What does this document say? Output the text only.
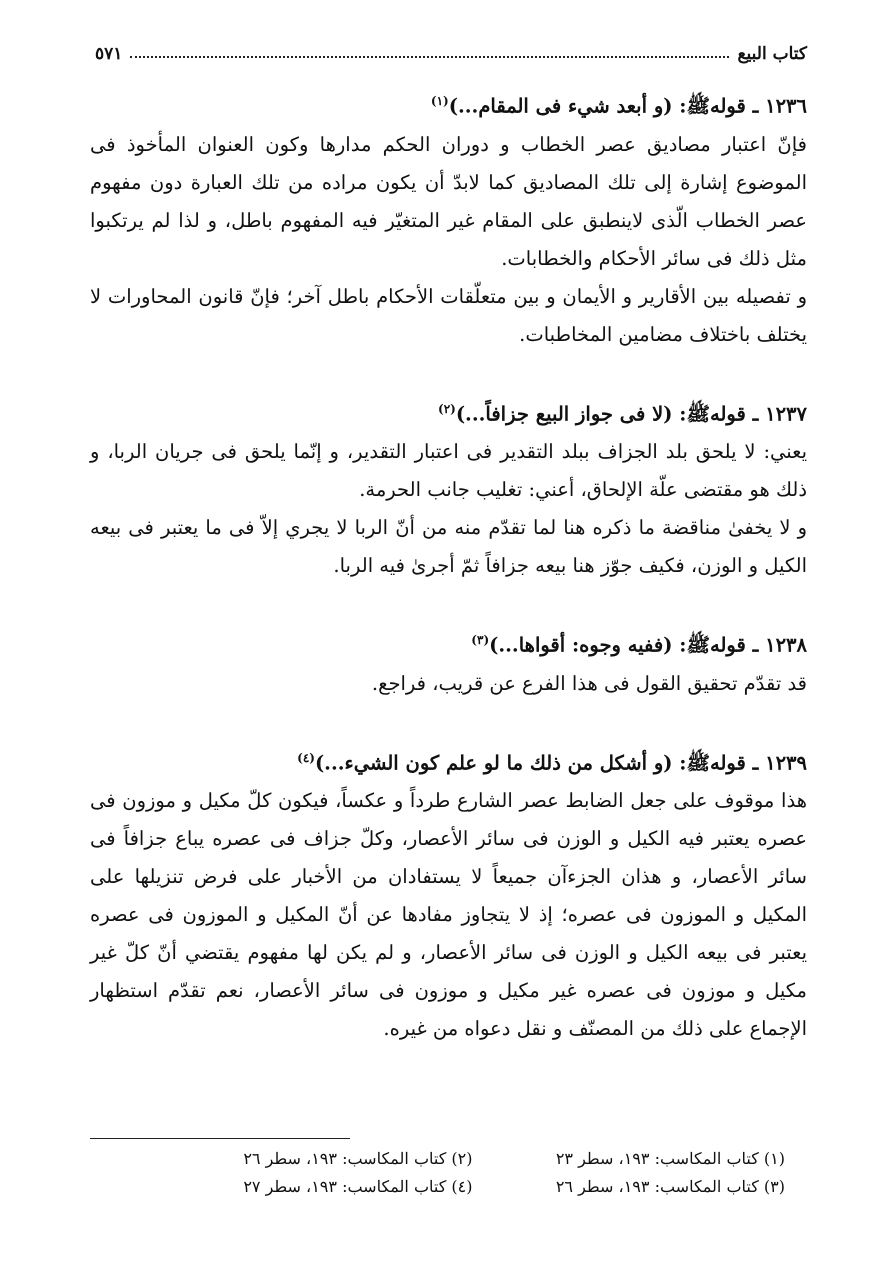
كتاب البيع
٥٧١

١٢٣٦ ـ قوله‌ﷺ: (و أبعد شي‌ء فى المقام...)$^{(١)}$

فإنّ اعتبار مصاديق عصر الخطاب و دوران الحكم مدارها وكون العنوان المأخوذ فى الموضوع إشارة إلى تلك المصاديق كما لابدّ أن يكون مراده من تلك العبارة دون مفهوم عصر الخطاب الّذى لاينطبق على المقام غير المتغيّر فيه المفهوم باطل، و لذا لم يرتكبوا مثل ذلك فى سائر الأحكام والخطابات.

و تفصيله بين الأقارير و الأيمان و بين متعلّقات الأحكام باطل آخر؛ فإنّ قانون المحاورات لا يختلف باختلاف مضامين المخاطبات.

١٢٣٧ ـ قوله‌ﷺ: (لا فى جواز البيع جزافاً...)$^{(٢)}$

يعني: لا يلحق بلد الجزاف ببلد التقدير فى اعتبار التقدير، و إنّما يلحق فى جريان الربا، و ذلك هو مقتضى علّة الإلحاق، أعني: تغليب جانب الحرمة.

و لا يخفىٰ مناقضة ما ذكره هنا لما تقدّم منه من أنّ الربا لا يجري إلاّ فى ما يعتبر فى بيعه الكيل و الوزن، فكيف جوّز هنا بيعه جزافاً ثمّ أجرىٰ فيه الربا.

١٢٣٨ ـ قوله‌ﷺ: (ففيه وجوه: أقواها...)$^{(٣)}$

قد تقدّم تحقيق القول فى هذا الفرع عن قريب، فراجع.

١٢٣٩ ـ قوله‌ﷺ: (و أشكل من ذلك ما لو علم كون الشي‌ء...)$^{(٤)}$

هذا موقوف على جعل الضابط عصر الشارع طرداً و عكساً، فيكون كلّ مكيل و موزون فى عصره يعتبر فيه الكيل و الوزن فى سائر الأعصار، وكلّ جزاف فى عصره يباع جزافاً فى سائر الأعصار، و هذان الجزءآن جميعاً لا يستفادان من الأخبار على فرض تنزيلها على المكيل و الموزون فى عصره؛ إذ لا يتجاوز مفادها عن أنّ المكيل و الموزون فى عصره يعتبر فى بيعه الكيل و الوزن فى سائر الأعصار، و لم يكن لها مفهوم يقتضي أنّ كلّ غير مكيل و موزون فى عصره غير مكيل و موزون فى سائر الأعصار، نعم تقدّم استظهار الإجماع على ذلك من المصنّف و نقل دعواه من غيره.

(١) كتاب المكاسب: ١٩٣، سطر ٢٣
(٢) كتاب المكاسب: ١٩٣، سطر ٢٦
(٣) كتاب المكاسب: ١٩٣، سطر ٢٦
(٤) كتاب المكاسب: ١٩٣، سطر ٢٧
